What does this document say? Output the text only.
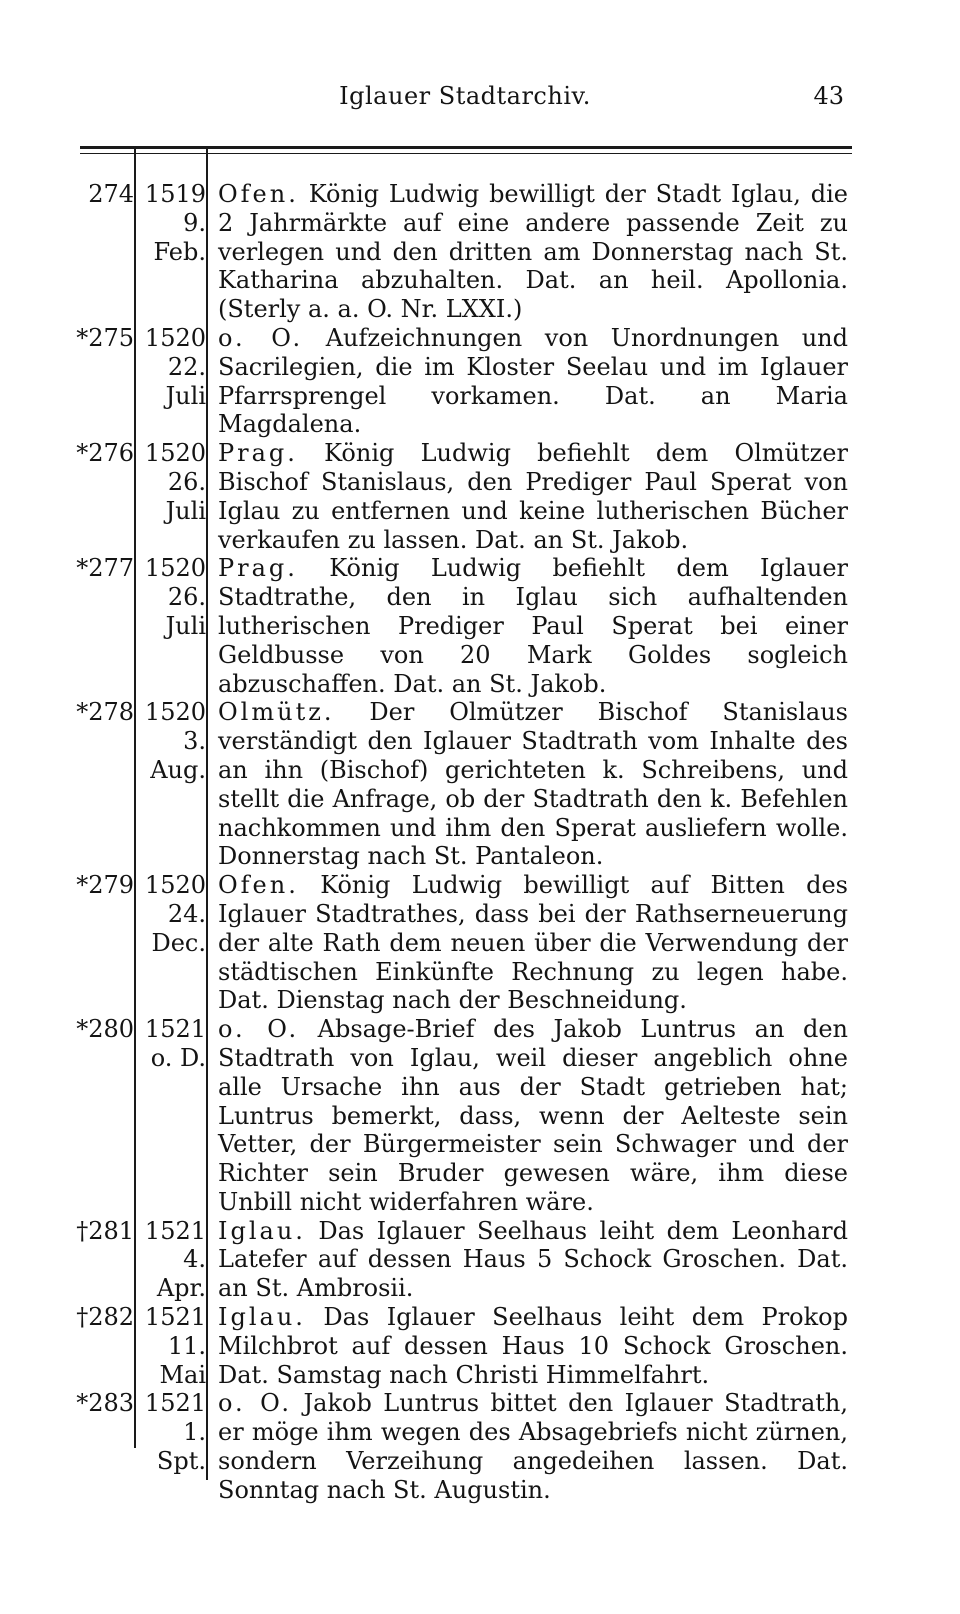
Iglauer Stadtarchiv.	43
274 1519
9.
Feb.
Ofen. König Ludwig bewilligt der Stadt Iglau, die 2 Jahrmärkte auf eine andere passende Zeit zu verlegen und den dritten am Donnerstag nach St. Katharina abzuhalten. Dat. an heil. Apollonia. (Sterly a. a. O. Nr. LXXI.)
*275 1520
22.
Juli
o. O. Aufzeichnungen von Unordnungen und Sacrilegien, die im Kloster Seelau und im Iglauer Pfarrsprengel vorkamen. Dat. an Maria Magdalena.
*276 1520
26.
Juli
Prag. König Ludwig befiehlt dem Olmützer Bischof Stanislaus, den Prediger Paul Sperat von Iglau zu entfernen und keine lutherischen Bücher verkaufen zu lassen. Dat. an St. Jakob.
*277 1520
26.
Juli
Prag. König Ludwig befiehlt dem Iglauer Stadtrathe, den in Iglau sich aufhaltenden lutherischen Prediger Paul Sperat bei einer Geldbusse von 20 Mark Goldes sogleich abzuschaffen. Dat. an St. Jakob.
*278 1520
3.
Aug.
Olmütz. Der Olmützer Bischof Stanislaus verständigt den Iglauer Stadtrath vom Inhalte des an ihn (Bischof) gerichteten k. Schreibens, und stellt die Anfrage, ob der Stadtrath den k. Befehlen nachkommen und ihm den Sperat ausliefern wolle. Donnerstag nach St. Pantaleon.
*279 1520
24.
Dec.
Ofen. König Ludwig bewilligt auf Bitten des Iglauer Stadtrathes, dass bei der Rathserneuerung der alte Rath dem neuen über die Verwendung der städtischen Einkünfte Rechnung zu legen habe. Dat. Dienstag nach der Beschneidung.
*280 1521
o. D.
o. O. Absage-Brief des Jakob Luntrus an den Stadtrath von Iglau, weil dieser angeblich ohne alle Ursache ihn aus der Stadt getrieben hat; Luntrus bemerkt, dass, wenn der Aelteste sein Vetter, der Bürgermeister sein Schwager und der Richter sein Bruder gewesen wäre, ihm diese Unbill nicht widerfahren wäre.
†281 1521
4.
Apr.
Iglau. Das Iglauer Seelhaus leiht dem Leonhard Latefer auf dessen Haus 5 Schock Groschen. Dat. an St. Ambrosii.
†282 1521
11.
Mai
Iglau. Das Iglauer Seelhaus leiht dem Prokop Milchbrot auf dessen Haus 10 Schock Groschen. Dat. Samstag nach Christi Himmelfahrt.
*283 1521
1.
Spt.
o. O. Jakob Luntrus bittet den Iglauer Stadtrath, er möge ihm wegen des Absagebriefs nicht zürnen, sondern Verzeihung angedeihen lassen. Dat. Sonntag nach St. Augustin.
